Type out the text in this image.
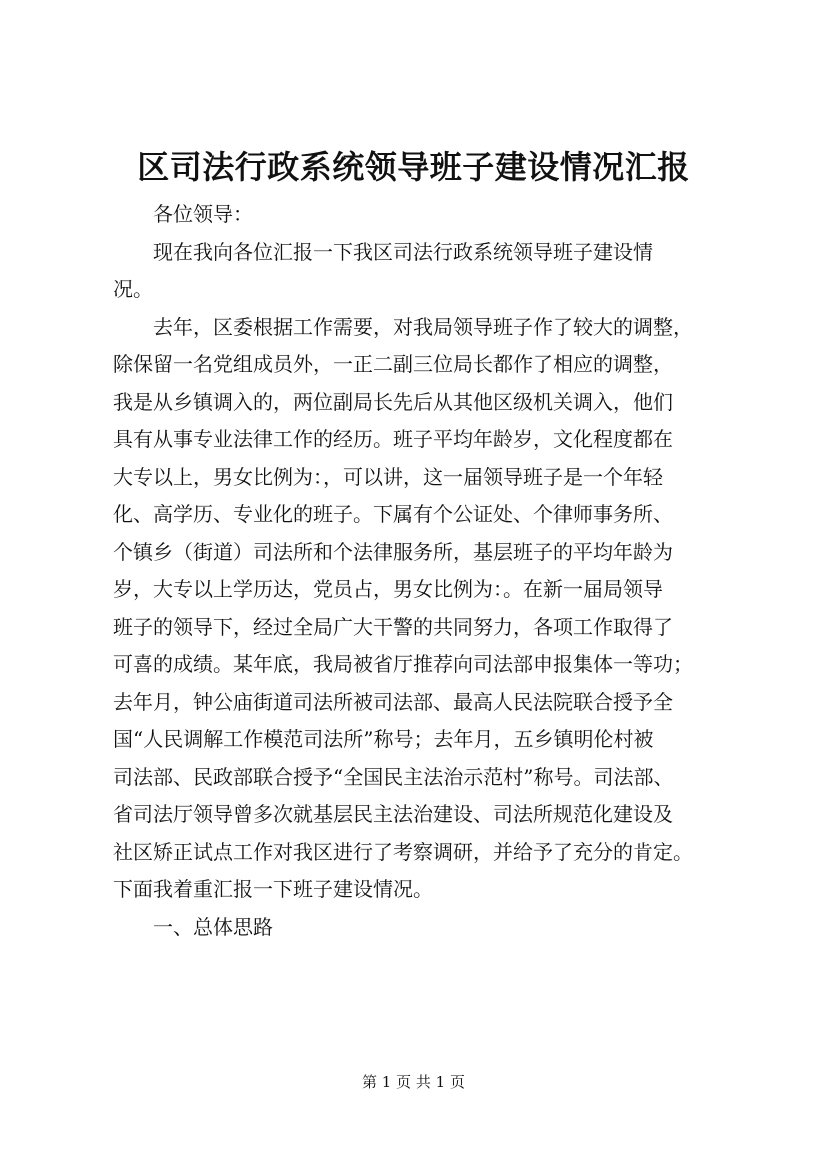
区司法行政系统领导班子建设情况汇报
各位领导：
现在我向各位汇报一下我区司法行政系统领导班子建设情
况。
去年，区委根据工作需要，对我局领导班子作了较大的调整，
除保留一名党组成员外，一正二副三位局长都作了相应的调整，
我是从乡镇调入的，两位副局长先后从其他区级机关调入，他们
具有从事专业法律工作的经历。班子平均年龄岁，文化程度都在
大专以上，男女比例为：，可以讲，这一届领导班子是一个年轻
化、高学历、专业化的班子。下属有个公证处、个律师事务所、
个镇乡（街道）司法所和个法律服务所，基层班子的平均年龄为
岁，大专以上学历达，党员占，男女比例为：。在新一届局领导
班子的领导下，经过全局广大干警的共同努力，各项工作取得了
可喜的成绩。某年底，我局被省厅推荐向司法部申报集体一等功；
去年月，钟公庙街道司法所被司法部、最高人民法院联合授予全
国“人民调解工作模范司法所”称号；去年月，五乡镇明伦村被
司法部、民政部联合授予“全国民主法治示范村”称号。司法部、
省司法厅领导曾多次就基层民主法治建设、司法所规范化建设及
社区矫正试点工作对我区进行了考察调研，并给予了充分的肯定。
下面我着重汇报一下班子建设情况。
一、总体思路
第 1 页 共 1 页
